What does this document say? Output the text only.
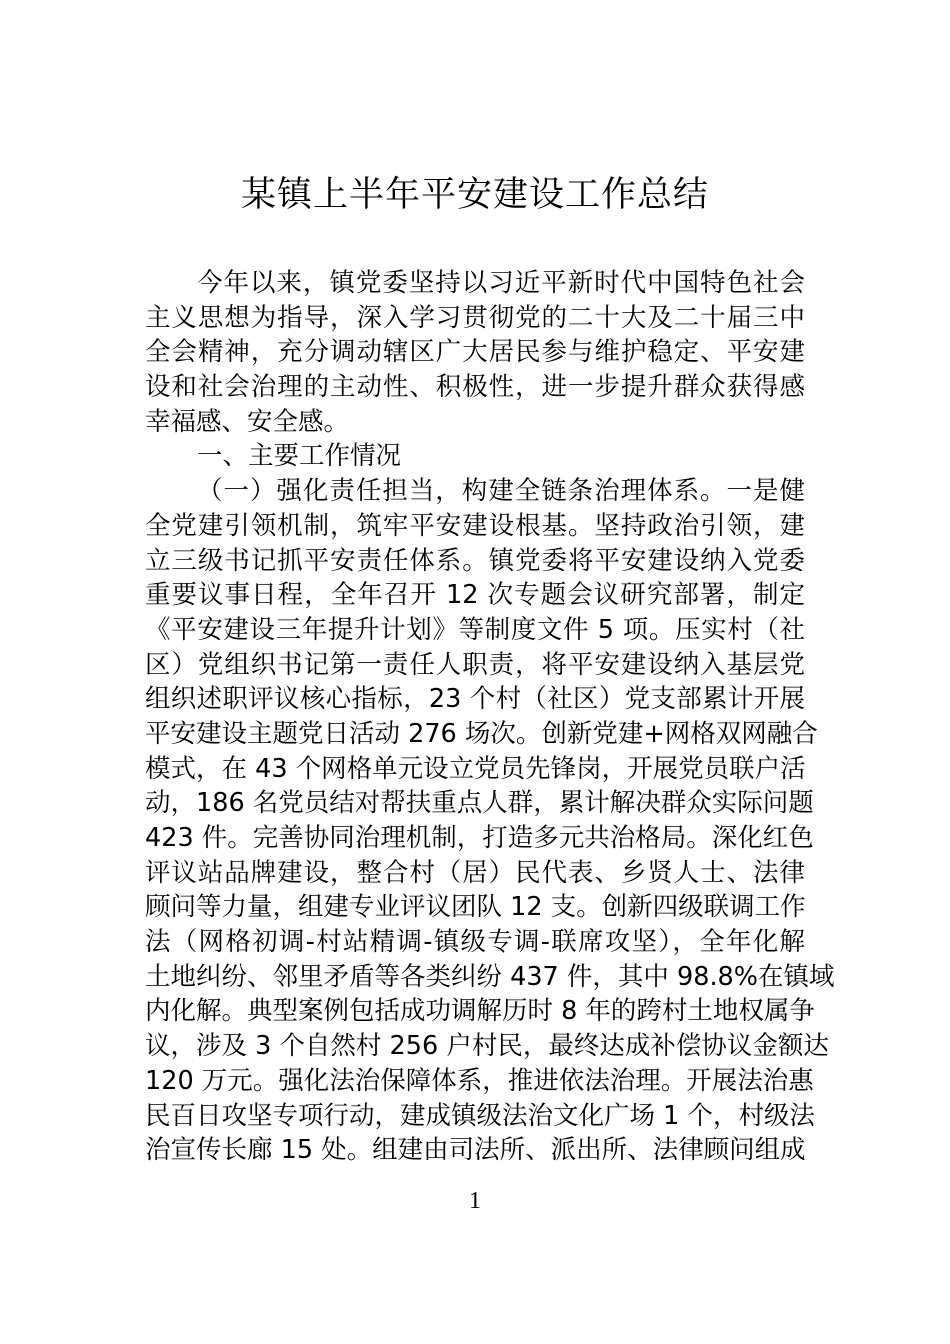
某镇上半年平安建设工作总结
今年以来，镇党委坚持以习近平新时代中国特色社会
主义思想为指导，深入学习贯彻党的二十大及二十届三中
全会精神，充分调动辖区广大居民参与维护稳定、平安建
设和社会治理的主动性、积极性，进一步提升群众获得感
幸福感、安全感。
一、主要工作情况
（一）强化责任担当，构建全链条治理体系。一是健
全党建引领机制，筑牢平安建设根基。坚持政治引领，建
立三级书记抓平安责任体系。镇党委将平安建设纳入党委
重要议事日程，全年召开 12 次专题会议研究部署，制定
《平安建设三年提升计划》等制度文件 5 项。压实村（社
区）党组织书记第一责任人职责，将平安建设纳入基层党
组织述职评议核心指标，23 个村（社区）党支部累计开展
平安建设主题党日活动 276 场次。创新党建+网格双网融合
模式，在 43 个网格单元设立党员先锋岗，开展党员联户活
动，186 名党员结对帮扶重点人群，累计解决群众实际问题
423 件。完善协同治理机制，打造多元共治格局。深化红色
评议站品牌建设，整合村（居）民代表、乡贤人士、法律
顾问等力量，组建专业评议团队 12 支。创新四级联调工作
法（网格初调-村站精调-镇级专调-联席攻坚），全年化解
土地纠纷、邻里矛盾等各类纠纷 437 件，其中 98.8%在镇域
内化解。典型案例包括成功调解历时 8 年的跨村土地权属争
议，涉及 3 个自然村 256 户村民，最终达成补偿协议金额达
120 万元。强化法治保障体系，推进依法治理。开展法治惠
民百日攻坚专项行动，建成镇级法治文化广场 1 个，村级法
治宣传长廊 15 处。组建由司法所、派出所、法律顾问组成
1
